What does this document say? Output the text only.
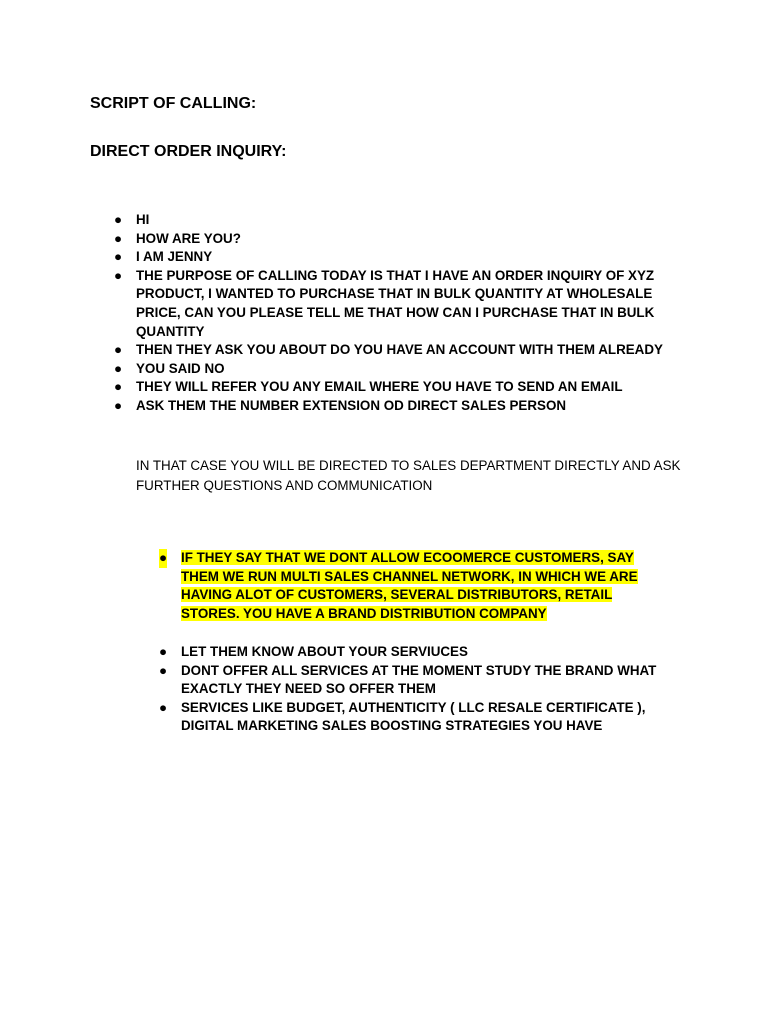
SCRIPT OF CALLING:
DIRECT ORDER INQUIRY:
● HI
● HOW ARE YOU?
● I AM JENNY
● THE PURPOSE OF CALLING TODAY IS THAT I HAVE AN ORDER INQUIRY OF XYZ PRODUCT, I WANTED TO PURCHASE THAT IN BULK QUANTITY AT WHOLESALE PRICE, CAN YOU PLEASE TELL ME THAT HOW CAN I PURCHASE THAT IN BULK QUANTITY
● THEN THEY ASK YOU ABOUT DO YOU HAVE AN ACCOUNT WITH THEM ALREADY
● YOU SAID NO
● THEY WILL REFER YOU ANY EMAIL WHERE YOU HAVE TO SEND AN EMAIL
● ASK THEM THE NUMBER EXTENSION OD DIRECT SALES PERSON

IN THAT CASE YOU WILL BE DIRECTED TO SALES DEPARTMENT DIRECTLY AND ASK FURTHER QUESTIONS AND COMMUNICATION

● IF THEY SAY THAT WE DONT ALLOW ECOOMERCE CUSTOMERS, SAY THEM WE RUN MULTI SALES CHANNEL NETWORK, IN WHICH WE ARE HAVING ALOT OF CUSTOMERS, SEVERAL DISTRIBUTORS, RETAIL STORES. YOU HAVE A BRAND DISTRIBUTION COMPANY
● LET THEM KNOW ABOUT YOUR SERVIUCES
● DONT OFFER ALL SERVICES AT THE MOMENT STUDY THE BRAND WHAT EXACTLY THEY NEED SO OFFER THEM
● SERVICES LIKE BUDGET, AUTHENTICITY ( LLC RESALE CERTIFICATE ), DIGITAL MARKETING SALES BOOSTING STRATEGIES YOU HAVE
